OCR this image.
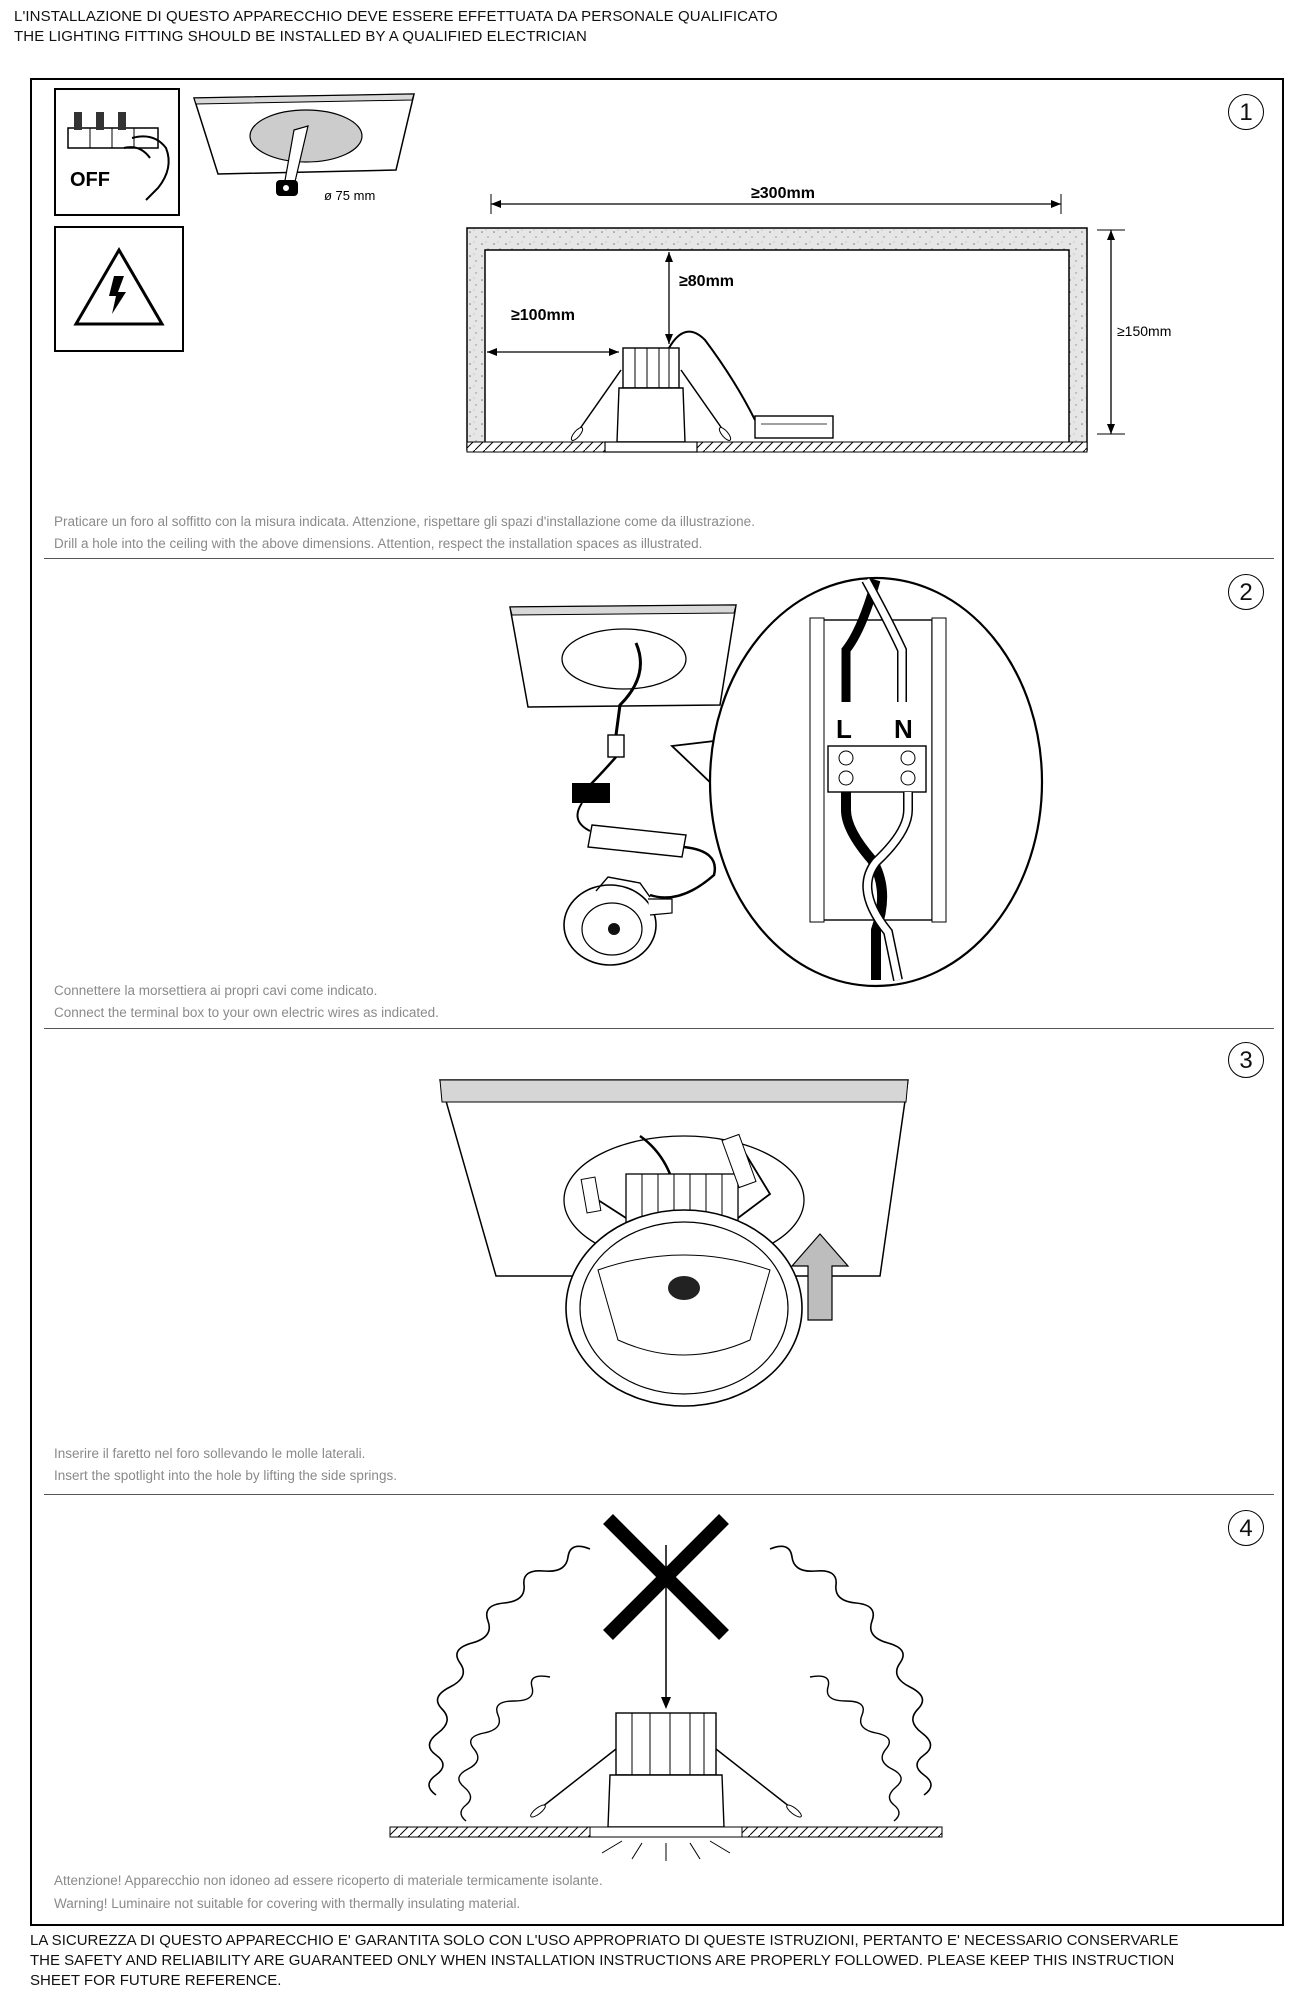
L'INSTALLAZIONE DI QUESTO APPARECCHIO DEVE ESSERE EFFETTUATA DA PERSONALE QUALIFICATO
THE LIGHTING FITTING SHOULD BE INSTALLED BY A QUALIFIED ELECTRICIAN
1
OFF
ø 75 mm	≥300mm
≥80mm
≥100mm
≥150mm
Praticare un foro al soffitto con la misura indicata. Attenzione, rispettare gli spazi d'installazione come da illustrazione.
Drill a hole into the ceiling with the above dimensions. Attention, respect the installation spaces as illustrated.
2
L N
Connettere la morsettiera ai propri cavi come indicato.
Connect the terminal box to your own electric wires as indicated.
3
Inserire il faretto nel foro sollevando le molle laterali.
Insert the spotlight into the hole by lifting the side springs.
4
Attenzione! Apparecchio non idoneo ad essere ricoperto di materiale termicamente isolante.
Warning! Luminaire not suitable for covering with thermally insulating material.
LA SICUREZZA DI QUESTO APPARECCHIO E' GARANTITA SOLO CON L'USO APPROPRIATO DI QUESTE ISTRUZIONI, PERTANTO E' NECESSARIO CONSERVARLE
THE SAFETY AND RELIABILITY ARE GUARANTEED ONLY WHEN INSTALLATION INSTRUCTIONS ARE PROPERLY FOLLOWED. PLEASE KEEP THIS INSTRUCTION
SHEET FOR FUTURE REFERENCE.
